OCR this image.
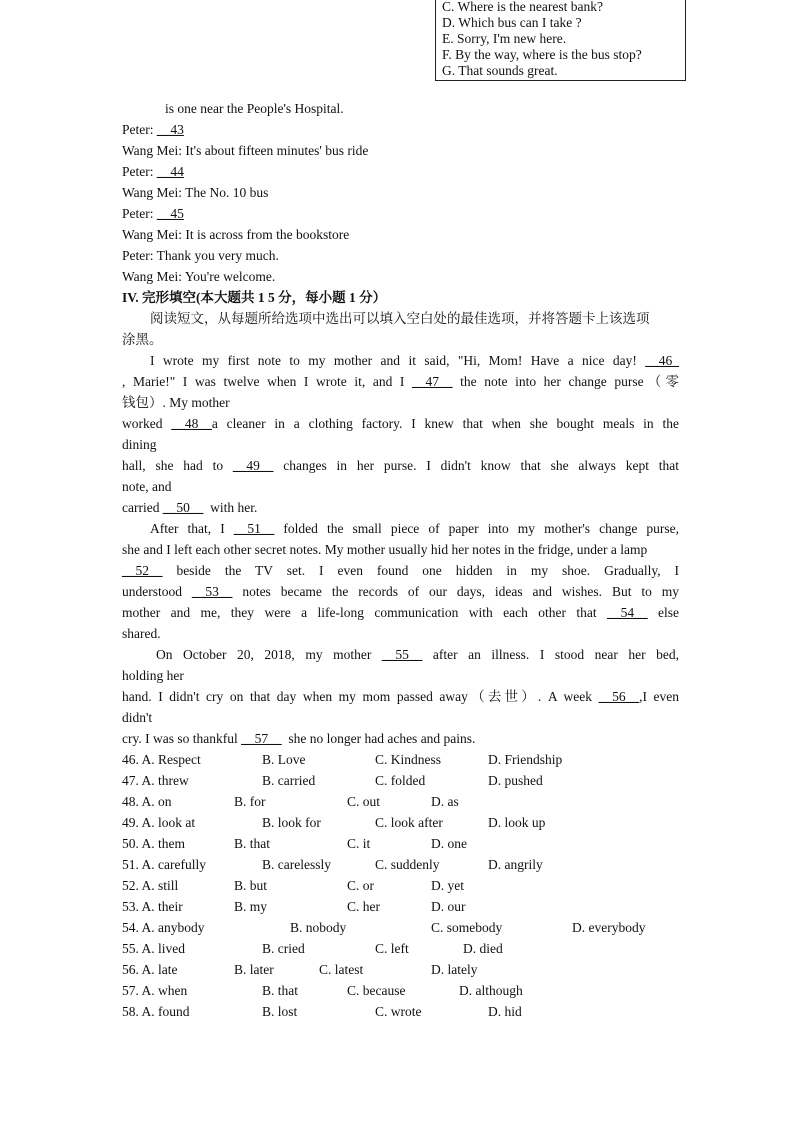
C. Where is the nearest bank?
D. Which bus can I take ?
E. Sorry, I'm new here.
F. By the way, where is the bus stop?
G. That sounds great.
is one near the People's Hospital.
Peter: __43
Wang Mei: It's about fifteen minutes' bus ride
Peter: __44
Wang Mei: The No. 10 bus
Peter: __45
Wang Mei: It is across from the bookstore
Peter: Thank you very much.
Wang Mei: You're welcome.
IV. 完形填空(本大题共 1 5 分，每小题 1 分）
阅读短文，从每题所给选项中选出可以填入空白处的最佳选项，并将答题卡上该选项
涂黑。
I wrote my first note to my mother and it said, "Hi, Mom! Have a nice day! __46_
, Marie!" I was twelve when I wrote it, and I __47__ the note into her change purse（零
钱包）. My mother
worked __48__a cleaner in a clothing factory. I knew that when she bought meals in the
dining
hall, she had to __49__ changes in her purse. I didn't know that she always kept that
note, and
carried __50__ with her.
After that, I __51__ folded the small piece of paper into my mother's change purse,
she and I left each other secret notes. My mother usually hid her notes in the fridge, under a lamp
__52__ beside the TV set. I even found one hidden in my shoe. Gradually, I
understood __53__ notes became the records of our days, ideas and wishes. But to my
mother and me, they were a life-long communication with each other that __54__ else
shared.
On October 20, 2018, my mother __55__ after an illness. I stood near her bed,
holding her
hand. I didn't cry on that day when my mom passed away（去世）. A week __56__,I even
didn't
cry. I was so thankful __57__ she no longer had aches and pains.
46. A. Respect	B. Love	C. Kindness	D. Friendship
47. A. threw	B. carried	C. folded	D. pushed
48. A. on	B. for	C. out	D. as
49. A. look at	B. look for	C. look after	D. look up
50. A. them	B. that	C. it	D. one
51. A. carefully	B. carelessly	C. suddenly	D. angrily
52. A. still	B. but	C. or	D. yet
53. A. their	B. my	C. her	D. our
54. A. anybody	B. nobody	C. somebody	D. everybody
55. A. lived	B. cried	C. left	D. died
56. A. late	B. later	C. latest	D. lately
57. A. when	B. that	C. because	D. although
58. A. found	B. lost	C. wrote	D. hid
